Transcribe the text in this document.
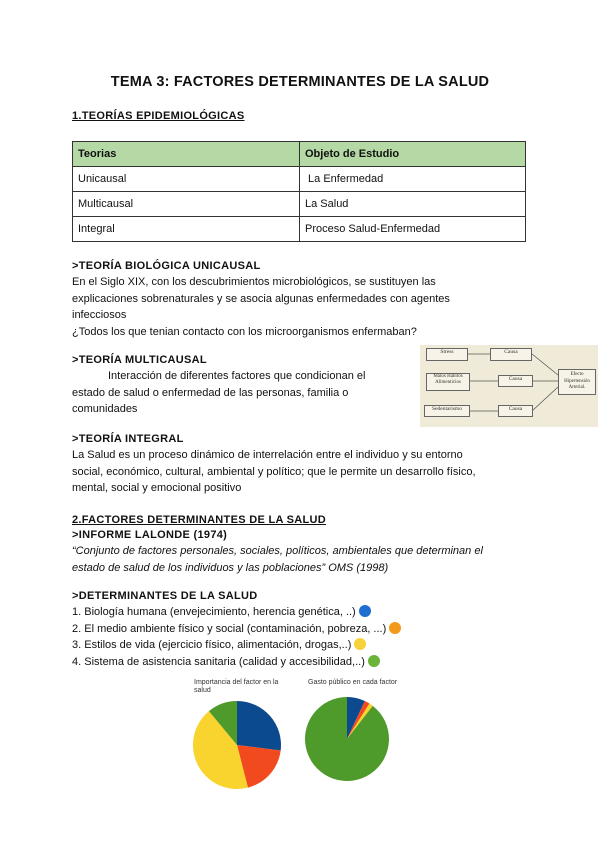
TEMA 3: FACTORES DETERMINANTES DE LA SALUD
1.TEORÍAS EPIDEMIOLÓGICAS
Teorias	Objeto de Estudio
Unicausal	La Enfermedad
Multicausal	La Salud
Integral	Proceso Salud-Enfermedad
>TEORÍA BIOLÓGICA UNICAUSAL
En el Siglo XIX, con los descubrimientos microbiológicos, se sustituyen las
explicaciones sobrenaturales y se asocia algunas enfermedades con agentes
infecciosos
¿Todos los que tenian contacto con los microorganismos enfermaban?
>TEORÍA MULTICAUSAL
Interacción de diferentes factores que condicionan el
estado de salud o enfermedad de las personas, familia o
comunidades
Stress	Causa
Malos Hábitos Alimenticios
Causa
Sedentarismo	Causa
Efecto Hipertensión Arterial.
>TEORÍA INTEGRAL
La Salud es un proceso dinámico de interrelación entre el individuo y su entorno
social, económico, cultural, ambiental y político; que le permite un desarrollo físico,
mental, social y emocional positivo
2.FACTORES DETERMINANTES DE LA SALUD
>INFORME LALONDE (1974)
“Conjunto de factores personales, sociales, políticos, ambientales que determinan el
estado de salud de los individuos y las poblaciones” OMS (1998)
>DETERMINANTES DE LA SALUD
1. Biología humana (envejecimiento, herencia genética, ..)
2. El medio ambiente físico y social (contaminación, pobreza, ...)
3. Estilos de vida (ejercicio físico, alimentación, drogas,..)
4. Sistema de asistencia sanitaria (calidad y accesibilidad,..)
Importancia del factor en la salud
Gasto público en cada factor
